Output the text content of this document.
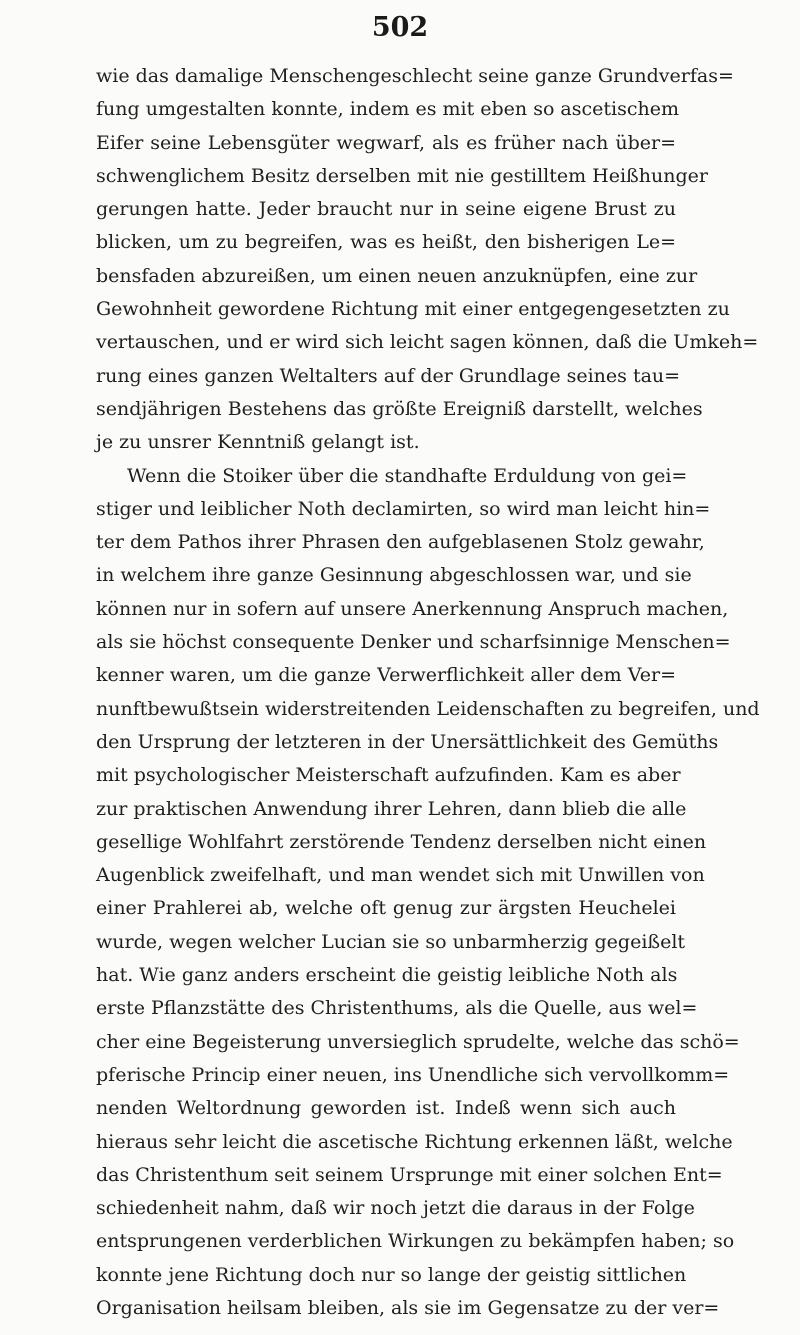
502
wie das damalige Menschengeschlecht seine ganze Grundverfas=
fung umgestalten konnte, indem es mit eben so ascetischem
Eifer seine Lebensgüter wegwarf, als es früher nach über=
schwenglichem Besitz derselben mit nie gestilltem Heißhunger
gerungen hatte. Jeder braucht nur in seine eigene Brust zu
blicken, um zu begreifen, was es heißt, den bisherigen Le=
bensfaden abzureißen, um einen neuen anzuknüpfen, eine zur
Gewohnheit gewordene Richtung mit einer entgegengesetzten zu
vertauschen, und er wird sich leicht sagen können, daß die Umkeh=
rung eines ganzen Weltalters auf der Grundlage seines tau=
sendjährigen Bestehens das größte Ereigniß darstellt, welches
je zu unsrer Kenntniß gelangt ist.
Wenn die Stoiker über die standhafte Erduldung von gei=
stiger und leiblicher Noth declamirten, so wird man leicht hin=
ter dem Pathos ihrer Phrasen den aufgeblasenen Stolz gewahr,
in welchem ihre ganze Gesinnung abgeschlossen war, und sie
können nur in sofern auf unsere Anerkennung Anspruch machen,
als sie höchst consequente Denker und scharfsinnige Menschen=
kenner waren, um die ganze Verwerflichkeit aller dem Ver=
nunftbewußtsein widerstreitenden Leidenschaften zu begreifen, und
den Ursprung der letzteren in der Unersättlichkeit des Gemüths
mit psychologischer Meisterschaft aufzufinden. Kam es aber
zur praktischen Anwendung ihrer Lehren, dann blieb die alle
gesellige Wohlfahrt zerstörende Tendenz derselben nicht einen
Augenblick zweifelhaft, und man wendet sich mit Unwillen von
einer Prahlerei ab, welche oft genug zur ärgsten Heuchelei
wurde, wegen welcher Lucian sie so unbarmherzig gegeißelt
hat. Wie ganz anders erscheint die geistig leibliche Noth als
erste Pflanzstätte des Christenthums, als die Quelle, aus wel=
cher eine Begeisterung unversieglich sprudelte, welche das schö=
pferische Princip einer neuen, ins Unendliche sich vervollkomm=
nenden Weltordnung geworden ist. Indeß wenn sich auch
hieraus sehr leicht die ascetische Richtung erkennen läßt, welche
das Christenthum seit seinem Ursprunge mit einer solchen Ent=
schiedenheit nahm, daß wir noch jetzt die daraus in der Folge
entsprungenen verderblichen Wirkungen zu bekämpfen haben; so
konnte jene Richtung doch nur so lange der geistig sittlichen
Organisation heilsam bleiben, als sie im Gegensatze zu der ver=
